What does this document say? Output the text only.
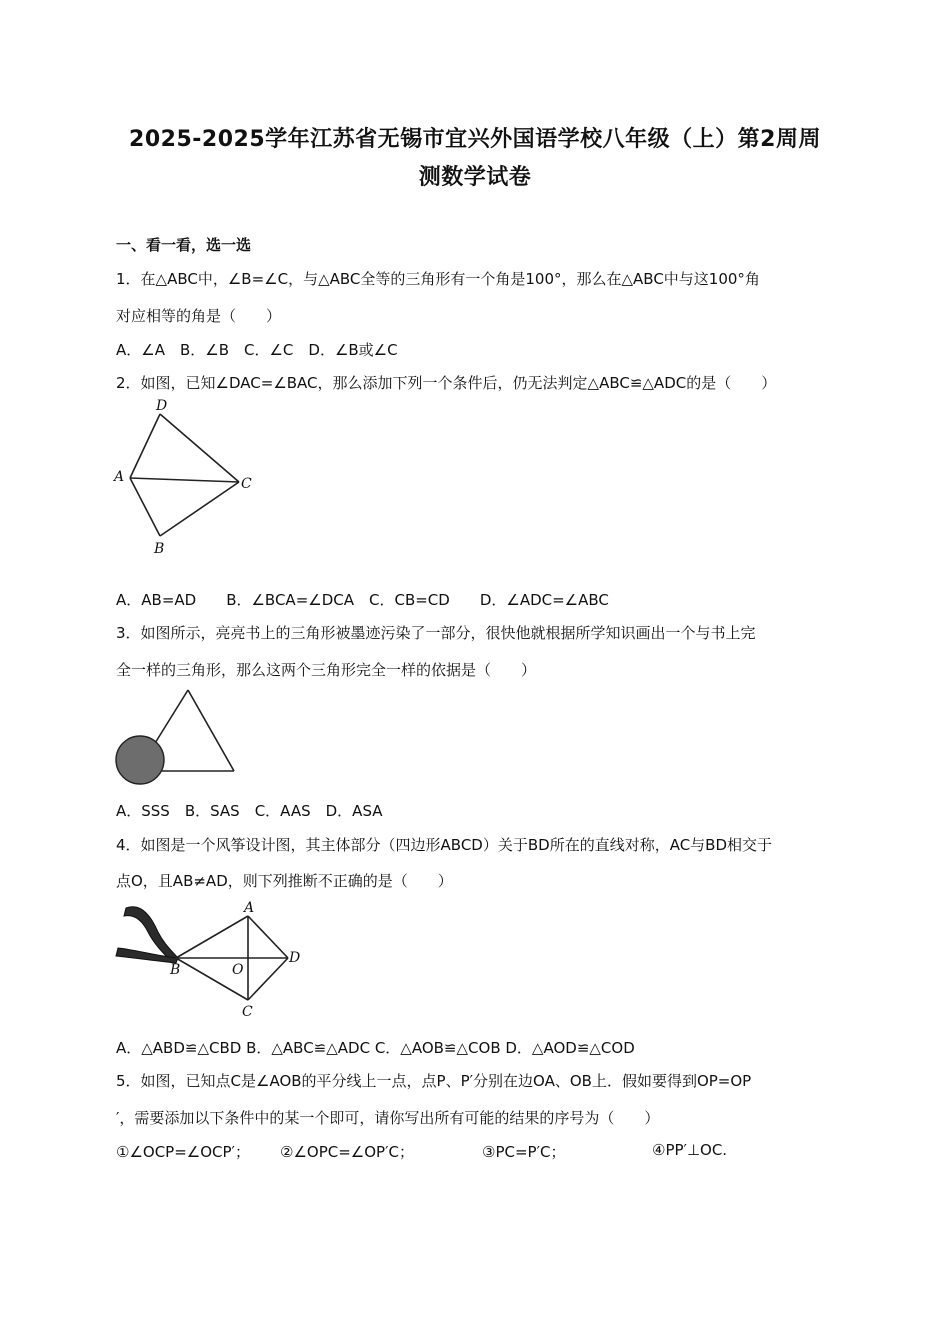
2025-2025学年江苏省无锡市宜兴外国语学校八年级（上）第2周周
测数学试卷

一、看一看，选一选

1．在△ABC中，∠B=∠C，与△ABC全等的三角形有一个角是100°，那么在△ABC中与这100°角

对应相等的角是（　　）

A．∠A　B．∠B　C．∠C　D．∠B或∠C

2．如图，已知∠DAC=∠BAC，那么添加下列一个条件后，仍无法判定△ABC≌△ADC的是（　　）

D
A	C
B

A．AB=AD　　B．∠BCA=∠DCA　C．CB=CD　　D．∠ADC=∠ABC

3．如图所示，亮亮书上的三角形被墨迹污染了一部分，很快他就根据所学知识画出一个与书上完

全一样的三角形，那么这两个三角形完全一样的依据是（　　）

A．SSS　B．SAS　C．AAS　D．ASA

4．如图是一个风筝设计图，其主体部分（四边形ABCD）关于BD所在的直线对称，AC与BD相交于

点O，且AB≠AD，则下列推断不正确的是（　　）

A
B	O
D
C

A．△ABD≌△CBD B．△ABC≌△ADC C．△AOB≌△COB D．△AOD≌△COD

5．如图，已知点C是∠AOB的平分线上一点，点P、P′分别在边OA、OB上．假如要得到OP=OP

′，需要添加以下条件中的某一个即可，请你写出所有可能的结果的序号为（　　）

①∠OCP=∠OCP′； ②∠OPC=∠OP′C；	③PC=P′C；	④PP′⊥OC.
